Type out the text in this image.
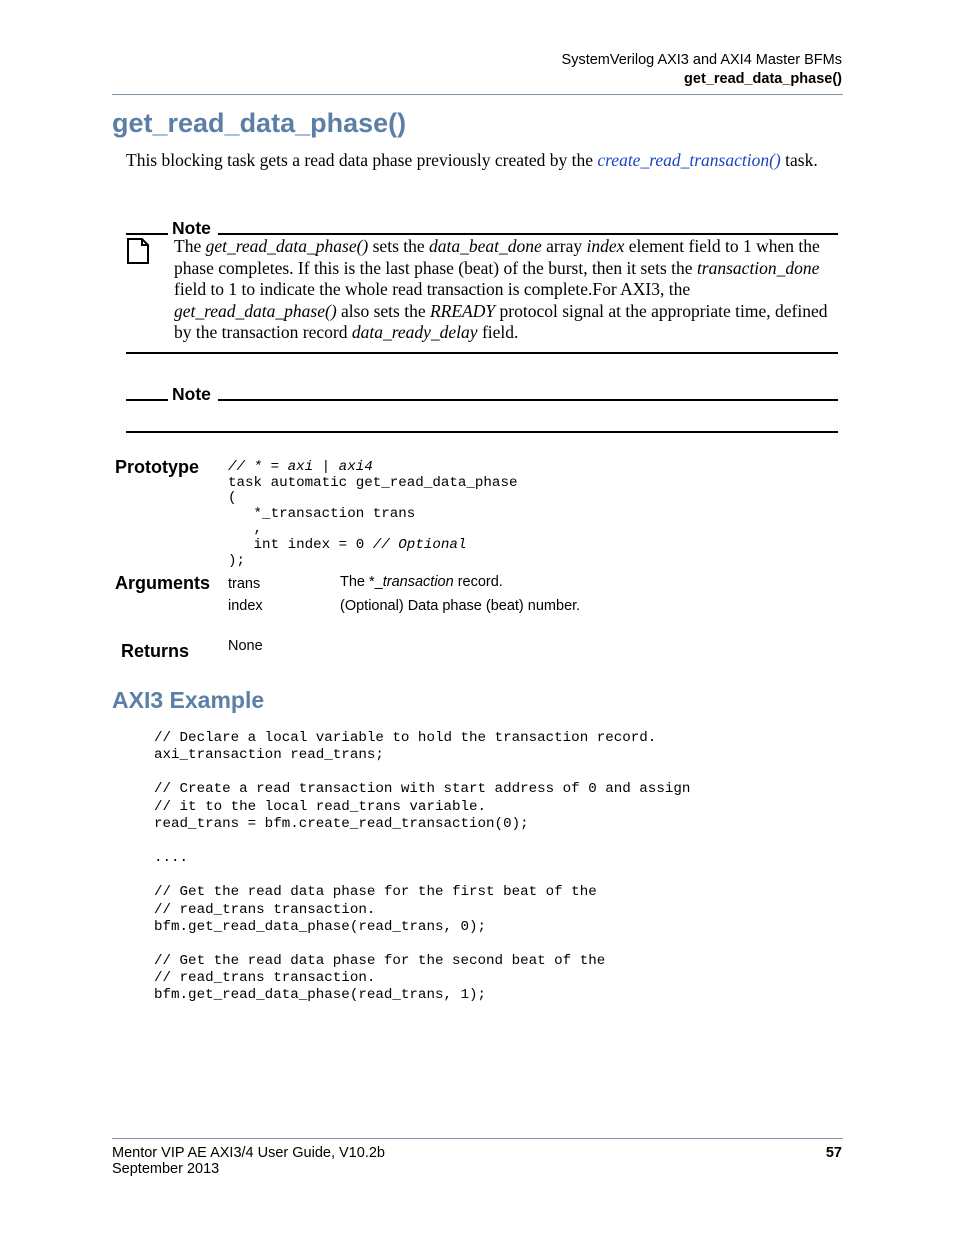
SystemVerilog AXI3 and AXI4 Master BFMs
get_read_data_phase()
get_read_data_phase()
This blocking task gets a read data phase previously created by the create_read_transaction() task.
Note
The get_read_data_phase() sets the data_beat_done array index element field to 1 when the phase completes. If this is the last phase (beat) of the burst, then it sets the transaction_done field to 1 to indicate the whole read transaction is complete.For AXI3, the get_read_data_phase() also sets the RREADY protocol signal at the appropriate time, defined by the transaction record data_ready_delay field.
Note
Prototype // * = axi | axi4
task automatic get_read_data_phase
(
*_transaction trans
,
int index = 0 // Optional
);
Arguments trans	The *_transaction record.
index	(Optional) Data phase (beat) number.
Returns	None
AXI3 Example
// Declare a local variable to hold the transaction record.
axi_transaction read_trans;

// Create a read transaction with start address of 0 and assign
// it to the local read_trans variable.
read_trans = bfm.create_read_transaction(0);

....

// Get the read data phase for the first beat of the
// read_trans transaction.
bfm.get_read_data_phase(read_trans, 0);

// Get the read data phase for the second beat of the
// read_trans transaction.
bfm.get_read_data_phase(read_trans, 1);
Mentor VIP AE AXI3/4 User Guide, V10.2b
September 2013
57
